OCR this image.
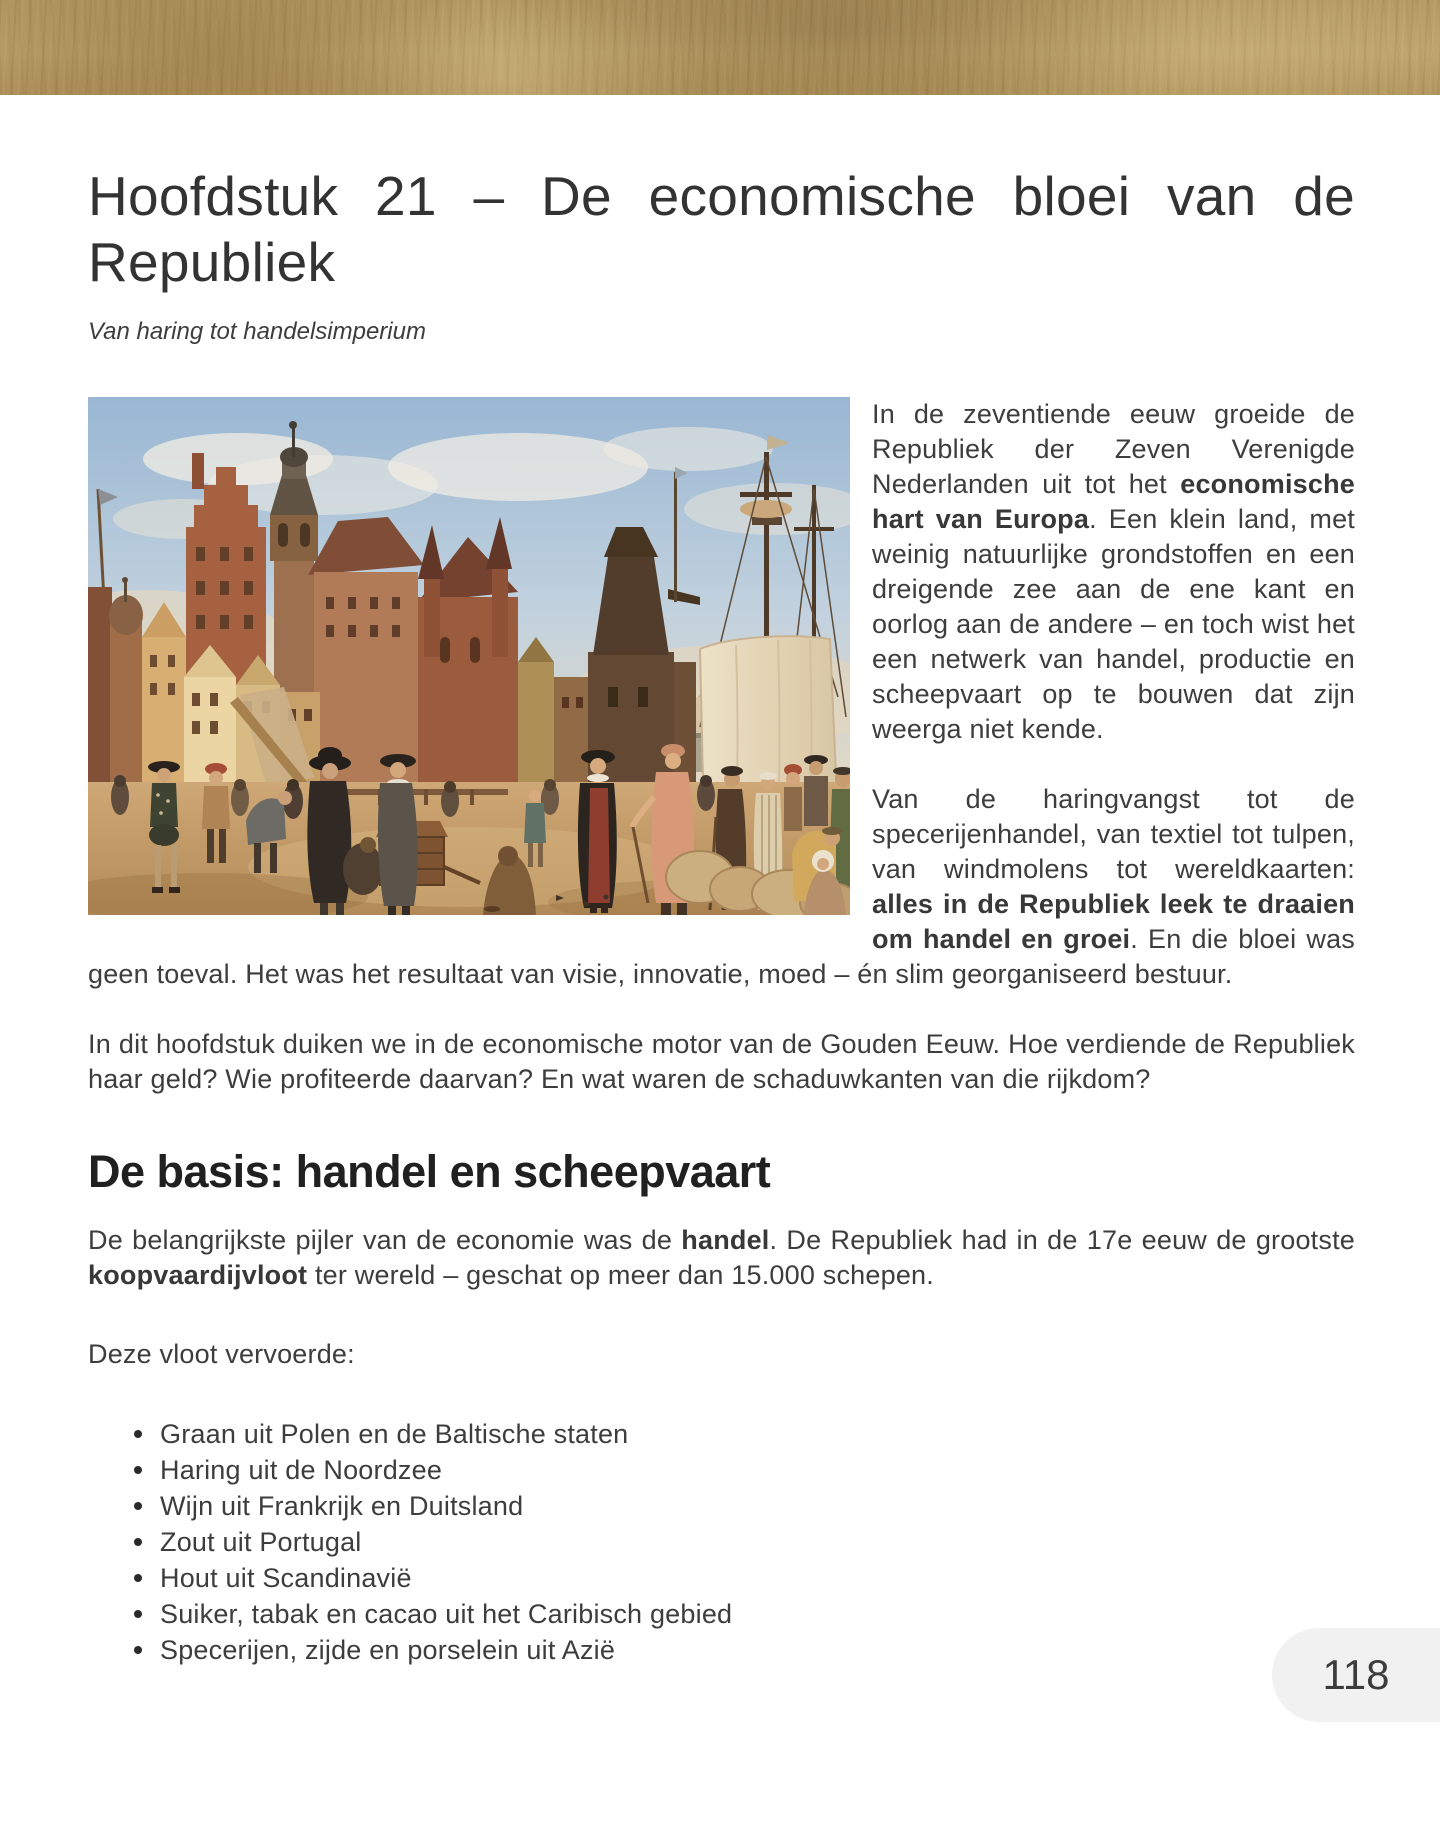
Hoofdstuk 21 – De economische bloei van de
Republiek
Van haring tot handelsimperium

In de zeventiende eeuw groeide de Republiek der Zeven Verenigde Nederlanden uit tot het economische hart van Europa. Een klein land, met weinig natuurlijke grondstoffen en een dreigende zee aan de ene kant en oorlog aan de andere – en toch wist het een netwerk van handel, productie en scheepvaart op te bouwen dat zijn weerga niet kende.

Van de haringvangst tot de specerijenhandel, van textiel tot tulpen, van windmolens tot wereldkaarten: alles in de Republiek leek te draaien om handel en groei. En die bloei was geen toeval. Het was het resultaat van visie, innovatie, moed – én slim georganiseerd bestuur.

In dit hoofdstuk duiken we in de economische motor van de Gouden Eeuw. Hoe verdiende de Republiek haar geld? Wie profiteerde daarvan? En wat waren de schaduwkanten van die rijkdom?

De basis: handel en scheepvaart

De belangrijkste pijler van de economie was de handel. De Republiek had in de 17e eeuw de grootste koopvaardijvloot ter wereld – geschat op meer dan 15.000 schepen.

Deze vloot vervoerde:

Graan uit Polen en de Baltische staten
Haring uit de Noordzee
Wijn uit Frankrijk en Duitsland
Zout uit Portugal
Hout uit Scandinavië
Suiker, tabak en cacao uit het Caribisch gebied
Specerijen, zijde en porselein uit Azië
118
